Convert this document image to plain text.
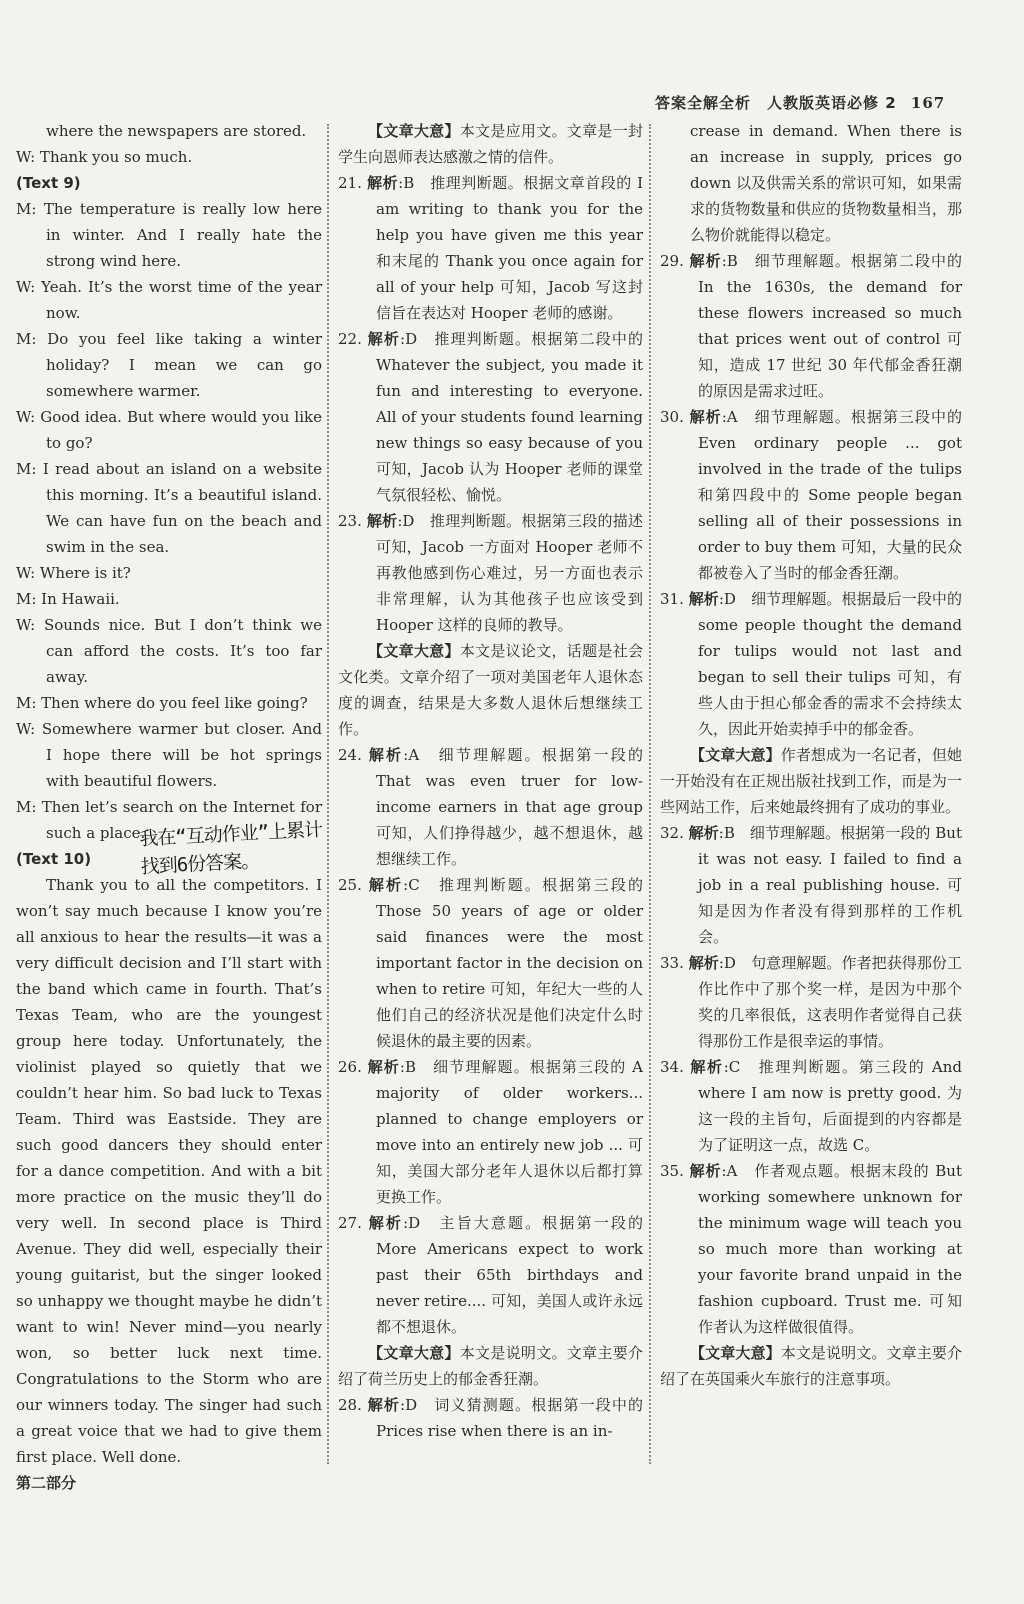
答案全解全析　人教版英语必修 2 167

where the newspapers are stored.

W: Thank you so much.

(Text 9)

M: The temperature is really low here in winter. And I really hate the strong wind here.

W: Yeah. It’s the worst time of the year now.

M: Do you feel like taking a winter holiday? I mean we can go somewhere warmer.

W: Good idea. But where would you like to go?

M: I read about an island on a website this morning. It’s a beautiful island. We can have fun on the beach and swim in the sea.

W: Where is it?

M: In Hawaii.

W: Sounds nice. But I don’t think we can afford the costs. It’s too far away.

M: Then where do you feel like going?

W: Somewhere warmer but closer. And I hope there will be hot springs with beautiful flowers.

M: Then let’s search on the Internet for such a place.

(Text 10)

Thank you to all the competitors. I won’t say much because I know you’re all anxious to hear the results—it was a very difficult decision and I’ll start with the band which came in fourth. That’s Texas Team, who are the youngest group here today. Unfortunately, the violinist played so quietly that we couldn’t hear him. So bad luck to Texas Team. Third was Eastside. They are such good dancers they should enter for a dance competition. And with a bit more practice on the music they’ll do very well. In second place is Third Avenue. They did well, especially their young guitarist, but the singer looked so unhappy we thought maybe he didn’t want to win! Never mind—you nearly won, so better luck next time. Congratulations to the Storm who are our winners today. The singer had such a great voice that we had to give them first place. Well done.

第二部分

【文章大意】本文是应用文。文章是一封学生向恩师表达感激之情的信件。

21. 解析:B　推理判断题。根据文章首段的 I am writing to thank you for the help you have given me this year 和末尾的 Thank you once again for all of your help 可知，Jacob 写这封信旨在表达对 Hooper 老师的感谢。

22. 解析:D　推理判断题。根据第二段中的 Whatever the subject, you made it fun and interesting to everyone. All of your students found learning new things so easy because of you 可知，Jacob 认为 Hooper 老师的课堂气氛很轻松、愉悦。

23. 解析:D　推理判断题。根据第三段的描述可知，Jacob 一方面对 Hooper 老师不再教他感到伤心难过，另一方面也表示非常理解，认为其他孩子也应该受到 Hooper 这样的良师的教导。

【文章大意】本文是议论文，话题是社会文化类。文章介绍了一项对美国老年人退休态度的调查，结果是大多数人退休后想继续工作。

24. 解析:A　细节理解题。根据第一段的 That was even truer for low-income earners in that age group 可知，人们挣得越少，越不想退休，越想继续工作。

25. 解析:C　推理判断题。根据第三段的 Those 50 years of age or older said finances were the most important factor in the decision on when to retire 可知，年纪大一些的人他们自己的经济状况是他们决定什么时候退休的最主要的因素。

26. 解析:B　细节理解题。根据第三段的 A majority of older workers... planned to change employers or move into an entirely new job ... 可知，美国大部分老年人退休以后都打算更换工作。

27. 解析:D　主旨大意题。根据第一段的 More Americans expect to work past their 65th birthdays and never retire.... 可知，美国人或许永远都不想退休。

【文章大意】本文是说明文。文章主要介绍了荷兰历史上的郁金香狂潮。

28. 解析:D　词义猜测题。根据第一段中的 Prices rise when there is an in-

crease in demand. When there is an increase in supply, prices go down 以及供需关系的常识可知，如果需求的货物数量和供应的货物数量相当，那么物价就能得以稳定。

29. 解析:B　细节理解题。根据第二段中的 In the 1630s, the demand for these flowers increased so much that prices went out of control 可知，造成 17 世纪 30 年代郁金香狂潮的原因是需求过旺。

30. 解析:A　细节理解题。根据第三段中的 Even ordinary people ... got involved in the trade of the tulips 和第四段中的 Some people began selling all of their possessions in order to buy them 可知，大量的民众都被卷入了当时的郁金香狂潮。

31. 解析:D　细节理解题。根据最后一段中的 some people thought the demand for tulips would not last and began to sell their tulips 可知，有些人由于担心郁金香的需求不会持续太久，因此开始卖掉手中的郁金香。

【文章大意】作者想成为一名记者，但她一开始没有在正规出版社找到工作，而是为一些网站工作，后来她最终拥有了成功的事业。

32. 解析:B　细节理解题。根据第一段的 But it was not easy. I failed to find a job in a real publishing house. 可知是因为作者没有得到那样的工作机会。

33. 解析:D　句意理解题。作者把获得那份工作比作中了那个奖一样，是因为中那个奖的几率很低，这表明作者觉得自己获得那份工作是很幸运的事情。

34. 解析:C　推理判断题。第三段的 And where I am now is pretty good. 为这一段的主旨句，后面提到的内容都是为了证明这一点，故选 C。

35. 解析:A　作者观点题。根据末段的 But working somewhere unknown for the minimum wage will teach you so much more than working at your favorite brand unpaid in the fashion cupboard. Trust me. 可知作者认为这样做很值得。

【文章大意】本文是说明文。文章主要介绍了在英国乘火车旅行的注意事项。

我在“互动作业”上累计找到6份答案。
